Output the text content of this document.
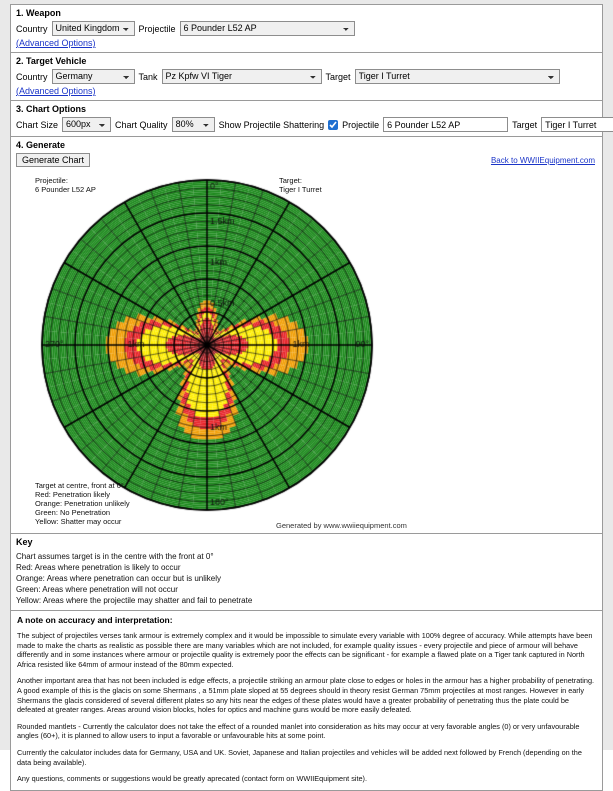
1. Weapon
Country
United Kingdom	Projectile
6 Pounder L52 AP
(Advanced Options)
2. Target Vehicle
Country
Germany	Tank
Pz Kpfw VI Tiger	Target
Tiger I Turret
(Advanced Options)
3. Chart Options
Chart Size
600px	Chart Quality
80%	Show Projectile Shattering Projectile
6 Pounder L52 AP	Target
Tiger I Turret
4. Generate
Generate Chart	Back to WWIIEquipment.com
Projectile:
6 Pounder L52 AP
Target:
Tiger I Turret
Target at centre, front at 0°
Red: Penetration likely
Orange: Penetration unlikely
Green: No Penetration
Yellow: Shatter may occur	Generated by www.wwiiequipment.com
Key
Chart assumes target is in the centre with the front at 0°
Red: Areas where penetration is likely to occur
Orange: Areas where penetration can occur but is unlikely
Green: Areas where penetration will not occur
Yellow: Areas where the projectile may shatter and fail to penetrate
A note on accuracy and interpretation:

The subject of projectiles verses tank armour is extremely complex and it would be impossible to simulate every variable with 100% degree of accuracy. While attempts have been made to make the charts as realistic as possible there are many variables which are not included, for example quality issues - every projectile and piece of armour will behave differently and in some instances where armour or projectile quality is extremely poor the effects can be significant - for example a flawed plate on a Tiger tank captured in North Africa resisted like 64mm of armour instead of the 80mm expected.

Another important area that has not been included is edge effects, a projectile striking an armour plate close to edges or holes in the armour has a higher probability of penetrating. A good example of this is the glacis on some Shermans , a 51mm plate sloped at 55 degrees should in theory resist German 75mm projectiles at most ranges. However in early Shermans the glacis considered of several different plates so any hits near the edges of these plates would have a greater probability of penetrating thus the plate could be defeated at greater ranges. Areas around vision blocks, holes for optics and machine guns would be more easily defeated.

Rounded mantlets - Currently the calculator does not take the effect of a rounded manlet into consideration as hits may occur at very favorable angles (0) or very unfavourable angles (60+), it is planned to allow users to input a favorable or unfavourable hits at some point.

Currently the calculator includes data for Germany, USA and UK. Soviet, Japanese and Italian projectiles and vehicles will be added next followed by French (depending on the data being available).

Any questions, comments or suggestions would be greatly aprecated (contact form on WWIIEquipment site).
